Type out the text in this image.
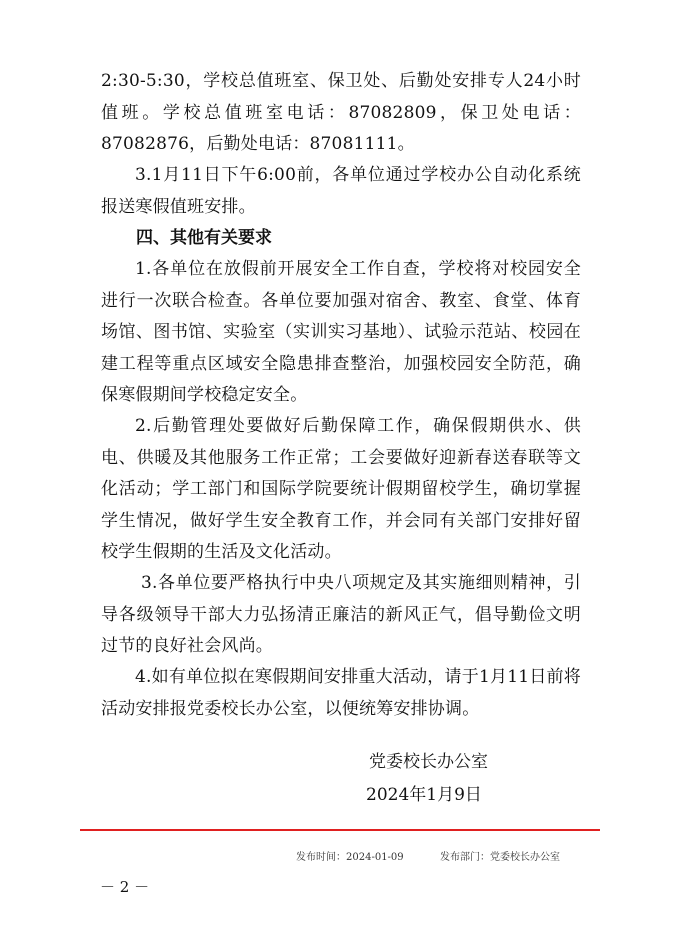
2:30-5:30，学校总值班室、保卫处、后勤处安排专人24小时值班。学校总值班室电话：87082809，保卫处电话：87082876，后勤处电话：87081111。

3.1月11日下午6:00前，各单位通过学校办公自动化系统报送寒假值班安排。

四、其他有关要求

1.各单位在放假前开展安全工作自查，学校将对校园安全进行一次联合检查。各单位要加强对宿舍、教室、食堂、体育场馆、图书馆、实验室（实训实习基地）、试验示范站、校园在建工程等重点区域安全隐患排查整治，加强校园安全防范，确保寒假期间学校稳定安全。

2.后勤管理处要做好后勤保障工作，确保假期供水、供电、供暖及其他服务工作正常；工会要做好迎新春送春联等文化活动；学工部门和国际学院要统计假期留校学生，确切掌握学生情况，做好学生安全教育工作，并会同有关部门安排好留校学生假期的生活及文化活动。

3.各单位要严格执行中央八项规定及其实施细则精神，引导各级领导干部大力弘扬清正廉洁的新风正气，倡导勤俭文明过节的良好社会风尚。

4.如有单位拟在寒假期间安排重大活动，请于1月11日前将活动安排报党委校长办公室，以便统筹安排协调。

党委校长办公室

2024年1月9日

发布时间：2024-01-09	发布部门：党委校长办公室
－ 2 －
